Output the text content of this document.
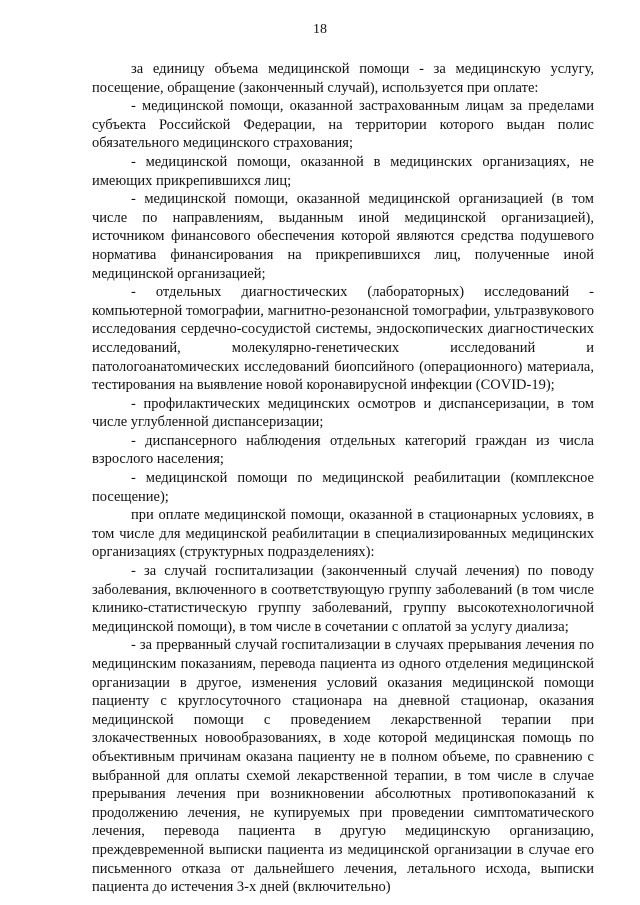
18

за единицу объема медицинской помощи - за медицинскую услугу, посещение, обращение (законченный случай), используется при оплате:

- медицинской помощи, оказанной застрахованным лицам за пределами субъекта Российской Федерации, на территории которого выдан полис обязательного медицинского страхования;

- медицинской помощи, оказанной в медицинских организациях, не имеющих прикрепившихся лиц;

- медицинской помощи, оказанной медицинской организацией (в том числе по направлениям, выданным иной медицинской организацией), источником финансового обеспечения которой являются средства подушевого норматива финансирования на прикрепившихся лиц, полученные иной медицинской организацией;

- отдельных диагностических (лабораторных) исследований - компьютерной томографии, магнитно-резонансной томографии, ультразвукового исследования сердечно-сосудистой системы, эндоскопических диагностических исследований, молекулярно-генетических исследований и патологоанатомических исследований биопсийного (операционного) материала, тестирования на выявление новой коронавирусной инфекции (COVID-19);

- профилактических медицинских осмотров и диспансеризации, в том числе углубленной диспансеризации;

- диспансерного наблюдения отдельных категорий граждан из числа взрослого населения;

- медицинской помощи по медицинской реабилитации (комплексное посещение);

при оплате медицинской помощи, оказанной в стационарных условиях, в том числе для медицинской реабилитации в специализированных медицинских организациях (структурных подразделениях):

- за случай госпитализации (законченный случай лечения) по поводу заболевания, включенного в соответствующую группу заболеваний (в том числе клинико-статистическую группу заболеваний, группу высокотехнологичной медицинской помощи), в том числе в сочетании с оплатой за услугу диализа;

- за прерванный случай госпитализации в случаях прерывания лечения по медицинским показаниям, перевода пациента из одного отделения медицинской организации в другое, изменения условий оказания медицинской помощи пациенту с круглосуточного стационара на дневной стационар, оказания медицинской помощи с проведением лекарственной терапии при злокачественных новообразованиях, в ходе которой медицинская помощь по объективным причинам оказана пациенту не в полном объеме, по сравнению с выбранной для оплаты схемой лекарственной терапии, в том числе в случае прерывания лечения при возникновении абсолютных противопоказаний к продолжению лечения, не купируемых при проведении симптоматического лечения, перевода пациента в другую медицинскую организацию, преждевременной выписки пациента из медицинской организации в случае его письменного отказа от дальнейшего лечения, летального исхода, выписки пациента до истечения 3-х дней (включительно)
